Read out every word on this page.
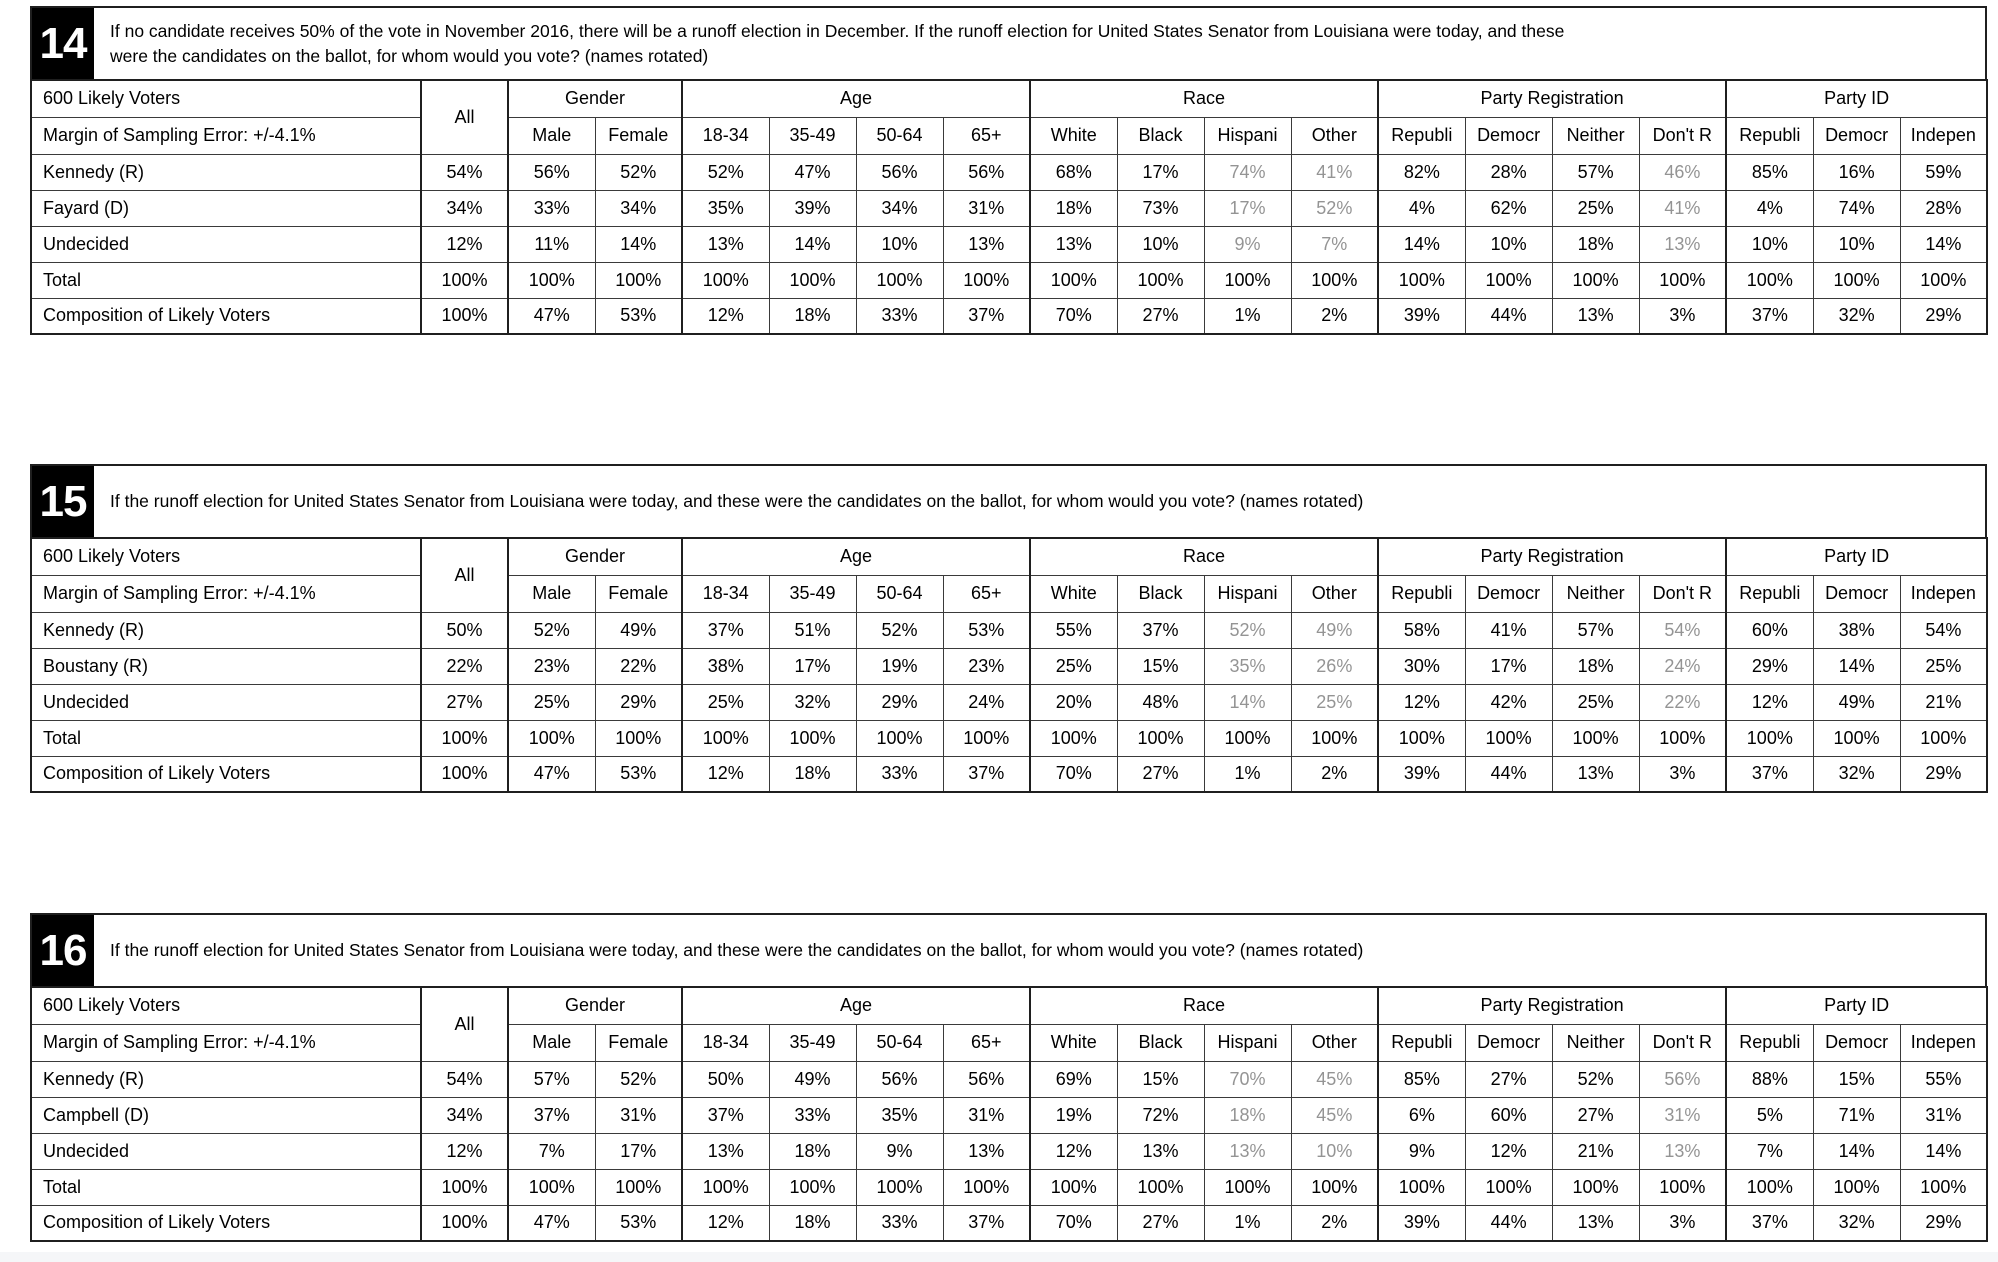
14	If no candidate receives 50% of the vote in November 2016, there will be a runoff election in December. If the runoff election for United States Senator from Louisiana were today, and these were the candidates on the ballot, for whom would you vote? (names rotated)
600 Likely Voters	All	Gender		Age				Race				Party Registration				Party ID		
Margin of Sampling Error: +/-4.1%		Male	Female	18-34	35-49	50-64	65+	White	Black	Hispani	Other	Republi	Democr	Neither	Don't R	Republi	Democr	Indepen
Kennedy (R)	54%	56%	52%	52%	47%	56%	56%	68%	17%	74%	41%	82%	28%	57%	46%	85%	16%	59%
Fayard (D)	34%	33%	34%	35%	39%	34%	31%	18%	73%	17%	52%	4%	62%	25%	41%	4%	74%	28%
Undecided	12%	11%	14%	13%	14%	10%	13%	13%	10%	9%	7%	14%	10%	18%	13%	10%	10%	14%
Total	100%	100%	100%	100%	100%	100%	100%	100%	100%	100%	100%	100%	100%	100%	100%	100%	100%	100%
Composition of Likely Voters	100%	47%	53%	12%	18%	33%	37%	70%	27%	1%	2%	39%	44%	13%	3%	37%	32%	29%
15	If the runoff election for United States Senator from Louisiana were today, and these were the candidates on the ballot, for whom would you vote? (names rotated)
600 Likely Voters	All	Gender		Age				Race				Party Registration				Party ID		
Margin of Sampling Error: +/-4.1%		Male	Female	18-34	35-49	50-64	65+	White	Black	Hispani	Other	Republi	Democr	Neither	Don't R	Republi	Democr	Indepen
Kennedy (R)	50%	52%	49%	37%	51%	52%	53%	55%	37%	52%	49%	58%	41%	57%	54%	60%	38%	54%
Boustany (R)	22%	23%	22%	38%	17%	19%	23%	25%	15%	35%	26%	30%	17%	18%	24%	29%	14%	25%
Undecided	27%	25%	29%	25%	32%	29%	24%	20%	48%	14%	25%	12%	42%	25%	22%	12%	49%	21%
Total	100%	100%	100%	100%	100%	100%	100%	100%	100%	100%	100%	100%	100%	100%	100%	100%	100%	100%
Composition of Likely Voters	100%	47%	53%	12%	18%	33%	37%	70%	27%	1%	2%	39%	44%	13%	3%	37%	32%	29%
16	If the runoff election for United States Senator from Louisiana were today, and these were the candidates on the ballot, for whom would you vote? (names rotated)
600 Likely Voters	All	Gender		Age				Race				Party Registration				Party ID		
Margin of Sampling Error: +/-4.1%		Male	Female	18-34	35-49	50-64	65+	White	Black	Hispani	Other	Republi	Democr	Neither	Don't R	Republi	Democr	Indepen
Kennedy (R)	54%	57%	52%	50%	49%	56%	56%	69%	15%	70%	45%	85%	27%	52%	56%	88%	15%	55%
Campbell (D)	34%	37%	31%	37%	33%	35%	31%	19%	72%	18%	45%	6%	60%	27%	31%	5%	71%	31%
Undecided	12%	7%	17%	13%	18%	9%	13%	12%	13%	13%	10%	9%	12%	21%	13%	7%	14%	14%
Total	100%	100%	100%	100%	100%	100%	100%	100%	100%	100%	100%	100%	100%	100%	100%	100%	100%	100%
Composition of Likely Voters	100%	47%	53%	12%	18%	33%	37%	70%	27%	1%	2%	39%	44%	13%	3%	37%	32%	29%
